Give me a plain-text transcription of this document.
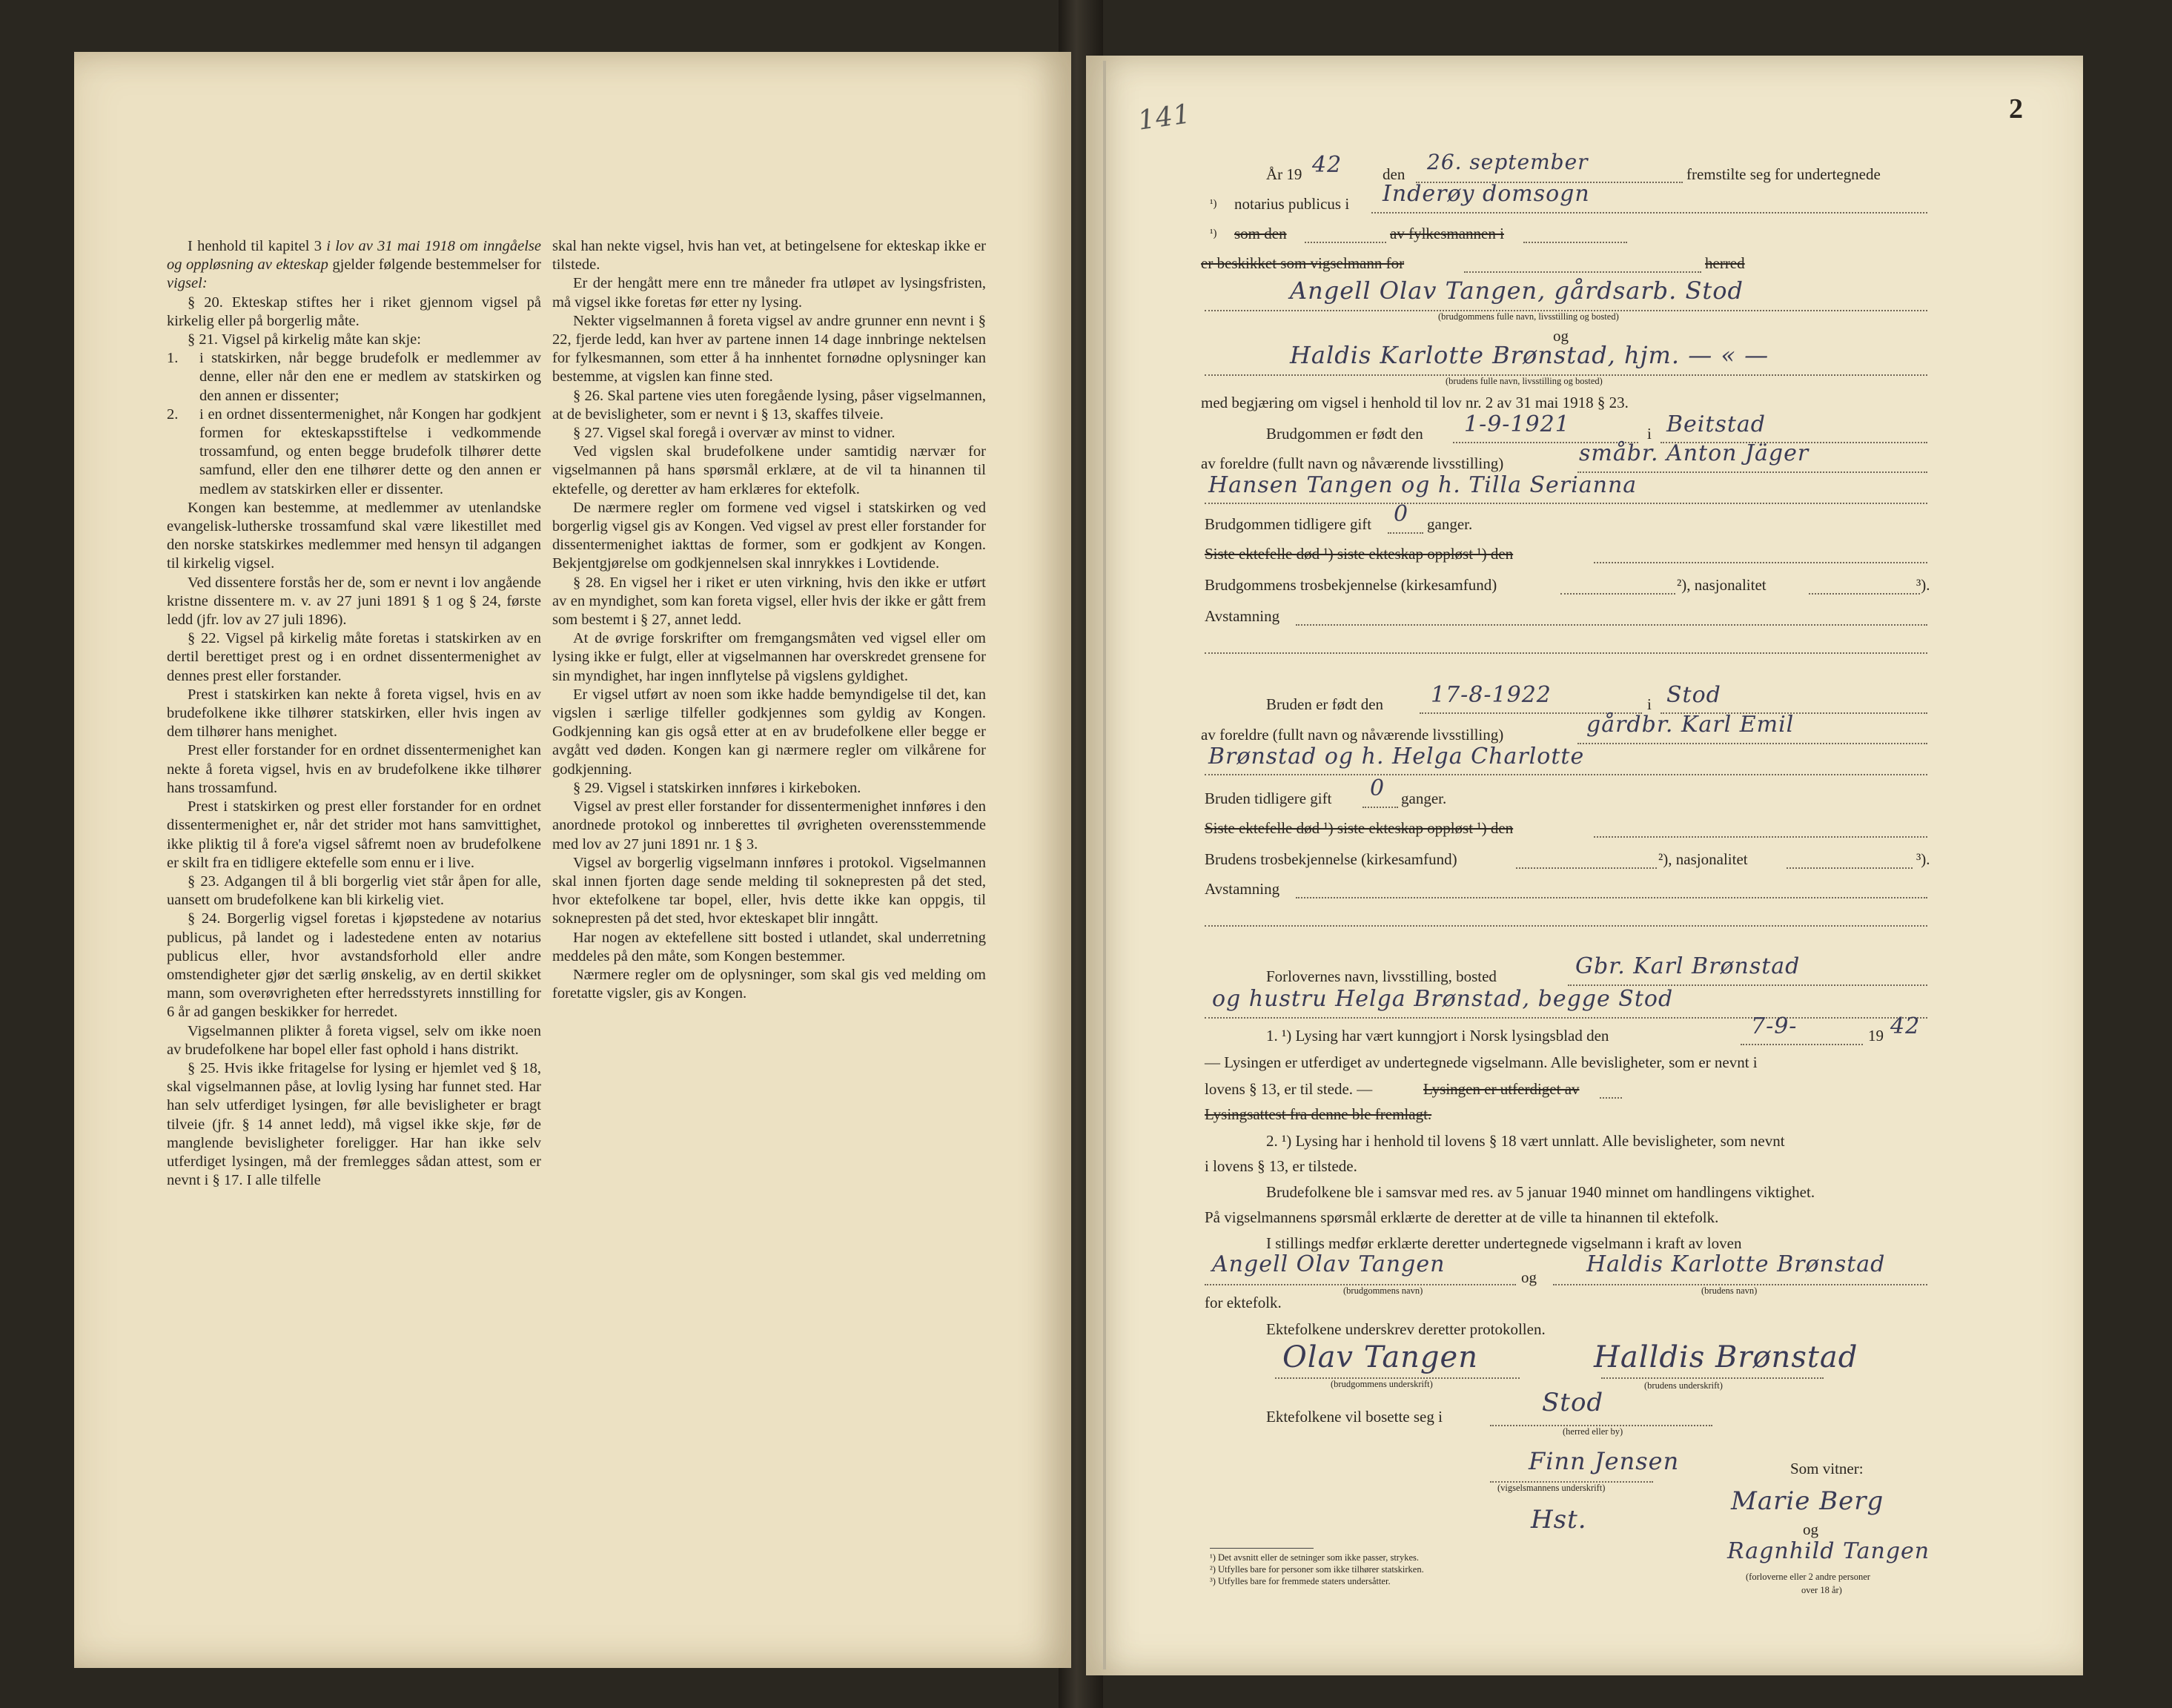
I henhold til kapitel 3 i lov av 31 mai 1918 om inngåelse og oppløsning av ekteskap gjelder følgende bestemmelser for vigsel:

§ 20. Ekteskap stiftes her i riket gjennom vigsel på kirkelig eller på borgerlig måte.

§ 21. Vigsel på kirkelig måte kan skje:

1.	i statskirken, når begge brudefolk er medlemmer av denne, eller når den ene er medlem av statskirken og den annen er dissenter;
2.	i en ordnet dissentermenighet, når Kongen har godkjent formen for ekteskapsstiftelse i vedkommende trossamfund, og enten begge brudefolk tilhører dette samfund, eller den ene tilhører dette og den annen er medlem av statskirken eller er dissenter.

Kongen kan bestemme, at medlemmer av utenlandske evangelisk-lutherske trossamfund skal være likestillet med den norske statskirkes medlemmer med hensyn til adgangen til kirkelig vigsel.

Ved dissentere forstås her de, som er nevnt i lov angående kristne dissentere m. v. av 27 juni 1891 § 1 og § 24, første ledd (jfr. lov av 27 juli 1896).

§ 22. Vigsel på kirkelig måte foretas i statskirken av en dertil berettiget prest og i en ordnet dissentermenighet av dennes prest eller forstander.

Prest i statskirken kan nekte å foreta vigsel, hvis en av brudefolkene ikke tilhører statskirken, eller hvis ingen av dem tilhører hans menighet.

Prest eller forstander for en ordnet dissentermenighet kan nekte å foreta vigsel, hvis en av brudefolkene ikke tilhører hans trossamfund.

Prest i statskirken og prest eller forstander for en ordnet dissentermenighet er, når det strider mot hans samvittighet, ikke pliktig til å fore'a vigsel såfremt noen av brudefolkene er skilt fra en tidligere ektefelle som ennu er i live.

§ 23. Adgangen til å bli borgerlig viet står åpen for alle, uansett om brudefolkene kan bli kirkelig viet.

§ 24. Borgerlig vigsel foretas i kjøpstedene av notarius publicus, på landet og i ladestedene enten av notarius publicus eller, hvor avstandsforhold eller andre omstendigheter gjør det særlig ønskelig, av en dertil skikket mann, som overøvrigheten efter herredsstyrets innstilling for 6 år ad gangen beskikker for herredet.

Vigselmannen plikter å foreta vigsel, selv om ikke noen av brudefolkene har bopel eller fast ophold i hans distrikt.

§ 25. Hvis ikke fritagelse for lysing er hjemlet ved § 18, skal vigselmannen påse, at lovlig lysing har funnet sted. Har han selv utferdiget lysingen, før alle bevisligheter er bragt tilveie (jfr. § 14 annet ledd), må vigsel ikke skje, før de manglende bevisligheter foreligger. Har han ikke selv utferdiget lysingen, må der fremlegges sådan attest, som er nevnt i § 17. I alle tilfelle

skal han nekte vigsel, hvis han vet, at betingelsene for ekteskap ikke er tilstede.

Er der hengått mere enn tre måneder fra utløpet av lysingsfristen, må vigsel ikke foretas før etter ny lysing.

Nekter vigselmannen å foreta vigsel av andre grunner enn nevnt i § 22, fjerde ledd, kan hver av partene innen 14 dage innbringe nektelsen for fylkesmannen, som etter å ha innhentet fornødne oplysninger kan bestemme, at vigslen kan finne sted.

§ 26. Skal partene vies uten foregående lysing, påser vigselmannen, at de bevisligheter, som er nevnt i § 13, skaffes tilveie.

§ 27. Vigsel skal foregå i overvær av minst to vidner.

Ved vigslen skal brudefolkene under samtidig nærvær for vigselmannen på hans spørsmål erklære, at de vil ta hinannen til ektefelle, og deretter av ham erklæres for ektefolk.

De nærmere regler om formene ved vigsel i statskirken og ved borgerlig vigsel gis av Kongen. Ved vigsel av prest eller forstander for dissentermenighet iakttas de former, som er godkjent av Kongen. Bekjentgjørelse om godkjennelsen skal innrykkes i Lovtidende.

§ 28. En vigsel her i riket er uten virkning, hvis den ikke er utført av en myndighet, som kan foreta vigsel, eller hvis der ikke er gått frem som bestemt i § 27, annet ledd.

At de øvrige forskrifter om fremgangsmåten ved vigsel eller om lysing ikke er fulgt, eller at vigselmannen har overskredet grensene for sin myndighet, har ingen innflytelse på vigslens gyldighet.

Er vigsel utført av noen som ikke hadde bemyndigelse til det, kan vigslen i særlige tilfeller godkjennes som gyldig av Kongen. Godkjenning kan gis også etter at en av brudefolkene eller begge er avgått ved døden. Kongen kan gi nærmere regler om vilkårene for godkjenning.

§ 29. Vigsel i statskirken innføres i kirkeboken.

Vigsel av prest eller forstander for dissentermenighet innføres i den anordnede protokol og innberettes til øvrigheten overensstemmende med lov av 27 juni 1891 nr. 1 § 3.

Vigsel av borgerlig vigselmann innføres i protokol. Vigselmannen skal innen fjorten dage sende melding til soknepresten på det sted, hvor ektefolkene tar bopel, eller, hvis dette ikke kan oppgis, til soknepresten på det sted, hvor ekteskapet blir inngått.

Har nogen av ektefellene sitt bosted i utlandet, skal underretning meddeles på den måte, som Kongen bestemmer.

Nærmere regler om de oplysninger, som skal gis ved melding om foretatte vigsler, gis av Kongen.

2
141
År 19 42	den 26. september	fremstilte seg for undertegnede
¹) notarius publicus i Inderøy domsogn
¹) som den	av fylkesmannen i
er beskikket som vigselmann for	herred
Angell Olav Tangen, gårdsarb. Stod
(brudgommens fulle navn, livsstilling og bosted)
og
Haldis Karlotte Brønstad, hjm. — « —
(brudens fulle navn, livsstilling og bosted)
med begjæring om vigsel i henhold til lov nr. 2 av 31 mai 1918 § 23.
Brudgommen er født den 1-9-1921	i Beitstad
av foreldre (fullt navn og nåværende livsstilling)	småbr. Anton Jäger
Hansen Tangen og h. Tilla Serianna
Brudgommen tidligere gift 0 ganger.
Siste ektefelle død ¹) siste ekteskap oppløst ¹) den
Brudgommens trosbekjennelse (kirkesamfund)	²), nasjonalitet	³).
Avstamning
Bruden er født den 17-8-1922	i Stod
av foreldre (fullt navn og nåværende livsstilling)	gårdbr. Karl Emil
Brønstad og h. Helga Charlotte
Bruden tidligere gift 0 ganger.
Siste ektefelle død ¹) siste ekteskap oppløst ¹) den
Brudens trosbekjennelse (kirkesamfund)	²), nasjonalitet	³).
Avstamning
Forlovernes navn, livsstilling, bosted	Gbr. Karl Brønstad
og hustru Helga Brønstad, begge Stod
1. ¹) Lysing har vært kunngjort i Norsk lysingsblad den	7-9-	19 42
— Lysingen er utferdiget av undertegnede vigselmann. Alle bevisligheter, som er nevnt i
lovens § 13, er til stede. —	Lysingen er utferdiget av
Lysingsattest fra denne ble fremlagt.
2. ¹) Lysing har i henhold til lovens § 18 vært unnlatt. Alle bevisligheter, som nevnt
i lovens § 13, er tilstede.
Brudefolkene ble i samsvar med res. av 5 januar 1940 minnet om handlingens viktighet.
På vigselmannens spørsmål erklærte de deretter at de ville ta hinannen til ektefolk.
I stillings medfør erklærte deretter undertegnede vigselmann i kraft av loven
Angell Olav Tangen	og Haldis Karlotte Brønstad
(brudgommens navn)	(brudens navn)
for ektefolk.
Ektefolkene underskrev deretter protokollen.
Olav Tangen	Halldis Brønstad
(brudgommens underskrift)	(brudens underskrift)
Ektefolkene vil bosette seg i	Stod
(herred eller by)
Finn Jensen
(vigselsmannens underskrift)
Hst.
Som vitner:
Marie Berg
og
Ragnhild Tangen
(forloverne eller 2 andre personer
over 18 år)
¹) Det avsnitt eller de setninger som ikke passer, strykes.
²) Utfylles bare for personer som ikke tilhører statskirken.
³) Utfylles bare for fremmede staters undersåtter.
